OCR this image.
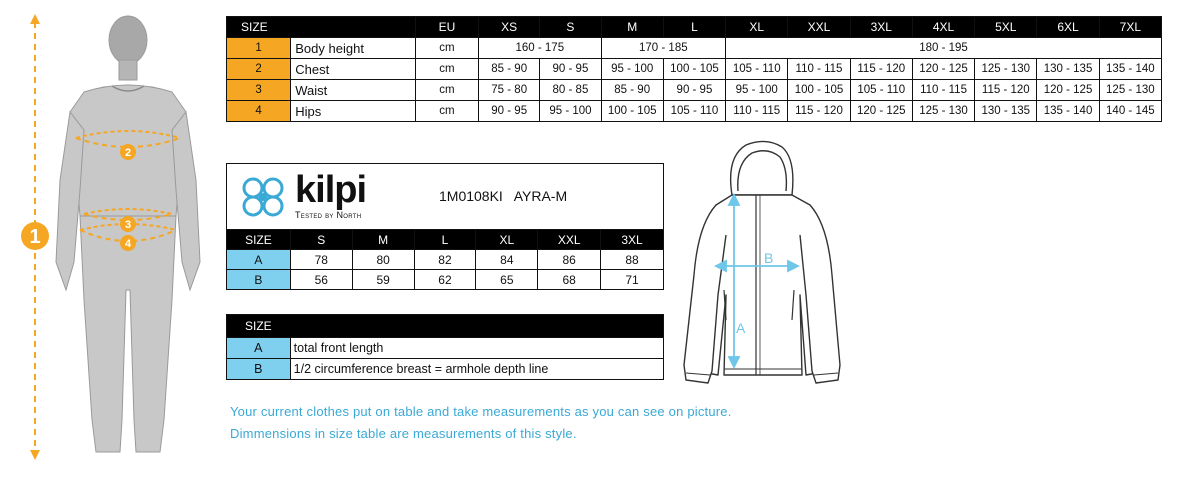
1
2
3
4
SIZE		EU	XS	S	M	L	XL	XXL	3XL	4XL	5XL	6XL	7XL
1	Body height	cm	160 - 175		170 - 185		180 - 195						
2	Chest	cm	85 - 90	90 - 95	95 - 100	100 - 105	105 - 110	110 - 115	115 - 120	120 - 125	125 - 130	130 - 135	135 - 140
3	Waist	cm	75 - 80	80 - 85	85 - 90	90 - 95	95 - 100	100 - 105	105 - 110	110 - 115	115 - 120	120 - 125	125 - 130
4	Hips	cm	90 - 95	95 - 100	100 - 105	105 - 110	110 - 115	115 - 120	120 - 125	125 - 130	130 - 135	135 - 140	140 - 145
kilpi
Tested by North
1M0108KI   AYRA-M
SIZE	S	M	L	XL	XXL	3XL
A	78	80	82	84	86	88
B	56	59	62	65	68	71
SIZE	
A	total front length
B	1/2 circumference breast = armhole depth line
Your current clothes put on table and take measurements as you can see on picture.
Dimmensions in size table are measurements of this style.
A
B
